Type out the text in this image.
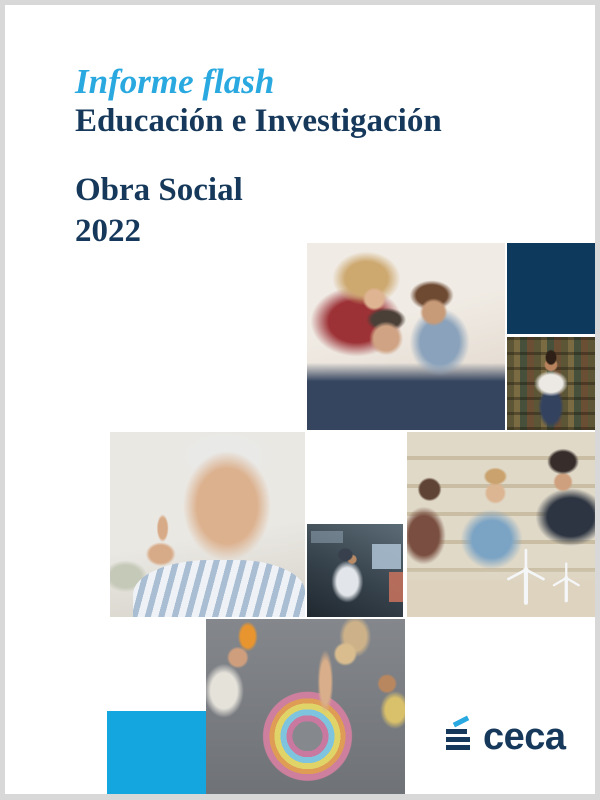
Informe flash
Educación e Investigación
Obra Social
2022
ceca
